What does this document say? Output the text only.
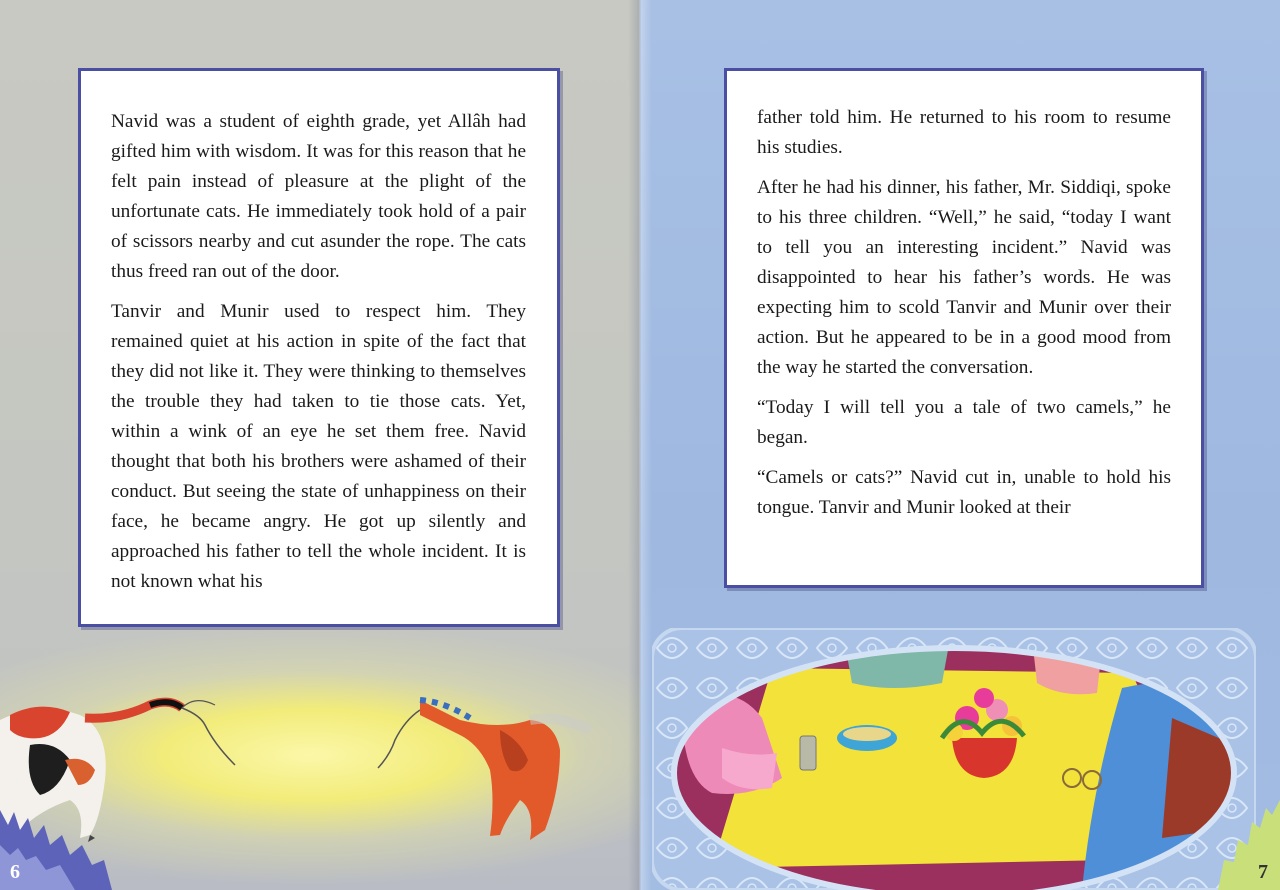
Navid was a student of eighth grade, yet Allâh had gifted him with wisdom. It was for this reason that he felt pain instead of pleasure at the plight of the unfortunate cats. He immediately took hold of a pair of scissors nearby and cut asunder the rope. The cats thus freed ran out of the door.

Tanvir and Munir used to respect him. They remained quiet at his action in spite of the fact that they did not like it. They were thinking to themselves the trouble they had taken to tie those cats. Yet, within a wink of an eye he set them free. Navid thought that both his brothers were ashamed of their conduct. But seeing the state of unhappiness on their face, he became angry. He got up silently and approached his father to tell the whole incident. It is not known what his

6

father told him. He returned to his room to resume his studies.

After he had his dinner, his father, Mr. Siddiqi, spoke to his three children. “Well,” he said, “today I want to tell you an interesting incident.” Navid was disappointed to hear his father’s words. He was expecting him to scold Tanvir and Munir over their action. But he appeared to be in a good mood from the way he started the conversation.

“Today I will tell you a tale of two camels,” he began.

“Camels or cats?” Navid cut in, unable to hold his tongue. Tanvir and Munir looked at their

7
